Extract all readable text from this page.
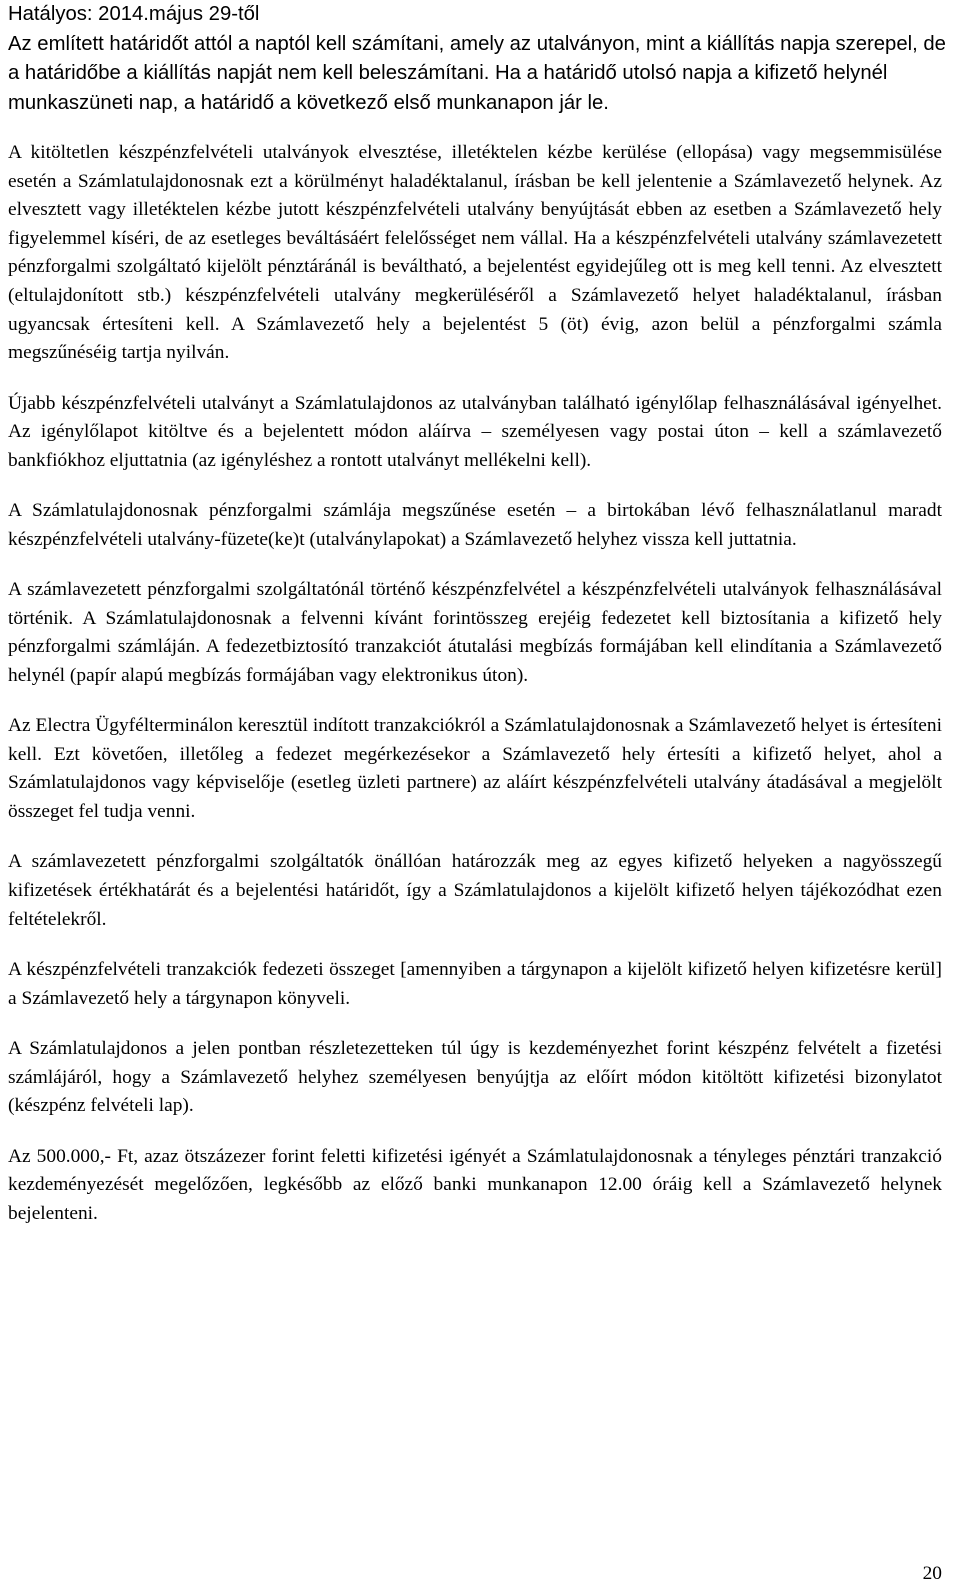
Hatályos: 2014.május 29-től

Az említett határidőt attól a naptól kell számítani, amely az utalványon, mint a kiállítás napja szerepel, de a határidőbe a kiállítás napját nem kell beleszámítani. Ha a határidő utolsó napja a kifizető helynél munkaszüneti nap, a határidő a következő első munkanapon jár le.

A kitöltetlen készpénzfelvételi utalványok elvesztése, illetéktelen kézbe kerülése (ellopása) vagy megsemmisülése esetén a Számlatulajdonosnak ezt a körülményt haladéktalanul, írásban be kell jelentenie a Számlavezető helynek. Az elvesztett vagy illetéktelen kézbe jutott készpénzfelvételi utalvány benyújtását ebben az esetben a Számlavezető hely figyelemmel kíséri, de az esetleges beváltásáért felelősséget nem vállal. Ha a készpénzfelvételi utalvány számlavezetett pénzforgalmi szolgáltató kijelölt pénztáránál is beváltható, a bejelentést egyidejűleg ott is meg kell tenni. Az elvesztett (eltulajdonított stb.) készpénzfelvételi utalvány megkerüléséről a Számlavezető helyet haladéktalanul, írásban ugyancsak értesíteni kell. A Számlavezető hely a bejelentést 5 (öt) évig, azon belül a pénzforgalmi számla megszűnéséig tartja nyilván.

Újabb készpénzfelvételi utalványt a Számlatulajdonos az utalványban található igénylőlap felhasználásával igényelhet. Az igénylőlapot kitöltve és a bejelentett módon aláírva – személyesen vagy postai úton – kell a számlavezető bankfiókhoz eljuttatnia (az igényléshez a rontott utalványt mellékelni kell).

A Számlatulajdonosnak pénzforgalmi számlája megszűnése esetén – a birtokában lévő felhasználatlanul maradt készpénzfelvételi utalvány-füzete(ke)t (utalványlapokat) a Számlavezető helyhez vissza kell juttatnia.

A számlavezetett pénzforgalmi szolgáltatónál történő készpénzfelvétel a készpénzfelvételi utalványok felhasználásával történik. A Számlatulajdonosnak a felvenni kívánt forintösszeg erejéig fedezetet kell biztosítania a kifizető hely pénzforgalmi számláján. A fedezetbiztosító tranzakciót átutalási megbízás formájában kell elindítania a Számlavezető helynél (papír alapú megbízás formájában vagy elektronikus úton).

Az Electra Ügyfélterminálon keresztül indított tranzakciókról a Számlatulajdonosnak a Számlavezető helyet is értesíteni kell. Ezt követően, illetőleg a fedezet megérkezésekor a Számlavezető hely értesíti a kifizető helyet, ahol a Számlatulajdonos vagy képviselője (esetleg üzleti partnere) az aláírt készpénzfelvételi utalvány átadásával a megjelölt összeget fel tudja venni.

A számlavezetett pénzforgalmi szolgáltatók önállóan határozzák meg az egyes kifizető helyeken a nagyösszegű kifizetések értékhatárát és a bejelentési határidőt, így a Számlatulajdonos a kijelölt kifizető helyen tájékozódhat ezen feltételekről.

A készpénzfelvételi tranzakciók fedezeti összeget [amennyiben a tárgynapon a kijelölt kifizető helyen kifizetésre kerül] a Számlavezető hely a tárgynapon könyveli.

A Számlatulajdonos a jelen pontban részletezetteken túl úgy is kezdeményezhet forint készpénz felvételt a fizetési számlájáról, hogy a Számlavezető helyhez személyesen benyújtja az előírt módon kitöltött kifizetési bizonylatot (készpénz felvételi lap).

Az 500.000,- Ft, azaz ötszázezer forint feletti kifizetési igényét a Számlatulajdonosnak a tényleges pénztári tranzakció kezdeményezését megelőzően, legkésőbb az előző banki munkanapon 12.00 óráig kell a Számlavezető helynek bejelenteni.

20
